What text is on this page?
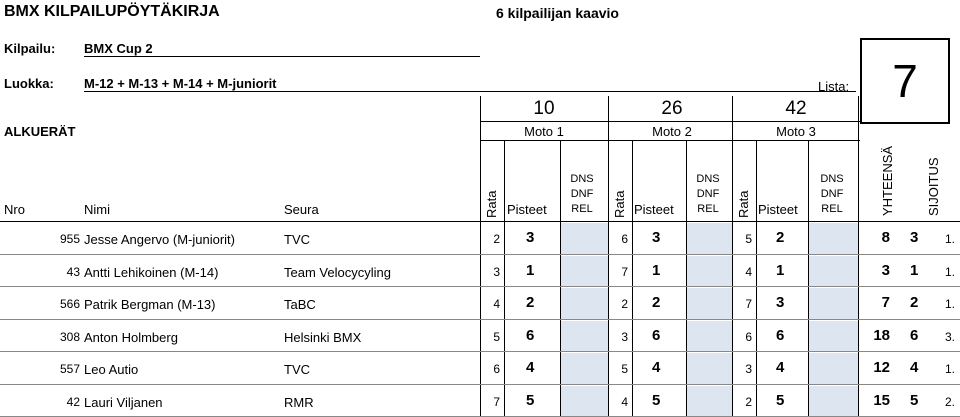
BMX KILPAILUPÖYTÄKIRJA	6 kilpailijan kaavio
Kilpailu: BMX Cup 2
Luokka: M-12 + M-13 + M-14 + M-juniorit	Lista: 7
ALKUERÄT
10	26	42
Moto 1	Moto 2	Moto 3
Nro	Nimi	Seura	Rata Pisteet
DNS
DNF
REL	Rata Pisteet
DNS
DNF
REL	Rata Pisteet
DNS
DNF
REL	YHTEENSÄ SIJOITUS
955 Jesse Angervo (M-juniorit)	TVC	2 3	6 3	5 2	8 3 1.
43 Antti Lehikoinen (M-14)	Team Velocycyling	3 1	7 1	4 1	3 1 1.
566 Patrik Bergman (M-13)	TaBC	4 2	2 2	7 3	7 2 1.
308 Anton Holmberg	Helsinki BMX	5 6	3 6	6 6	18 6 3.
557 Leo Autio	TVC	6 4	5 4	3 4	12 4 1.
42 Lauri Viljanen	RMR	7 5	4 5	2 5	15 5 2.
